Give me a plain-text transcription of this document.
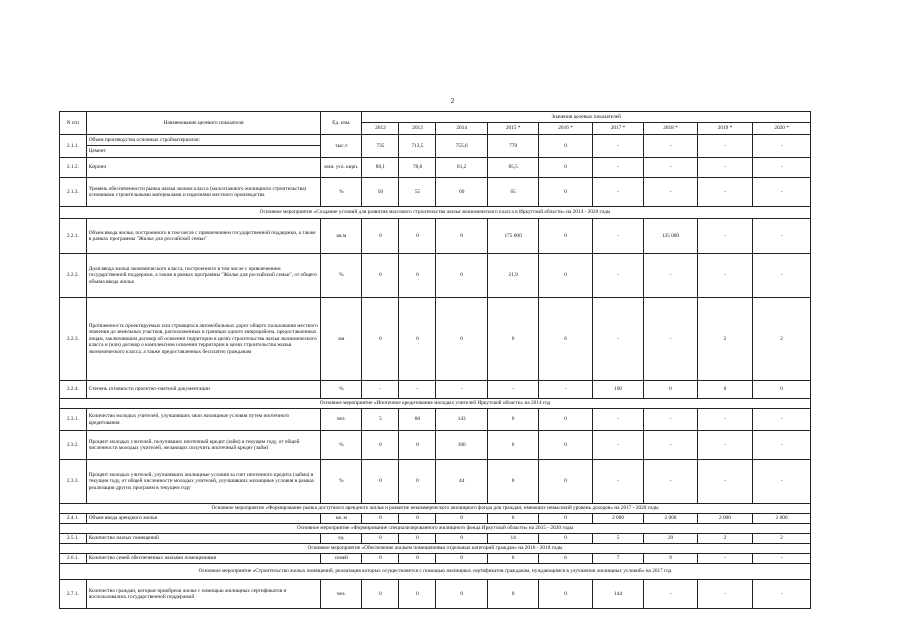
2
N п/п	Наименование целевого показателя	Ед. изм.	Значения целевых показателей								
			2012	2013	2014	2015 *	2016 *	2017 *	2018 *	2019 *	2020 *
2.1.1.	Объем производства основных стройматериалов:	тыс.т	735	713,5	755,6	770	0	-	-	-	-
	Цемент										
2.1.2.	Кирпич	млн. усл. кирп.	80,1	78,8	81,2	85,5	0	-	-	-	-
2.1.3.	Уровень обеспеченности рынка жилья эконом класса (малоэтажного жилищного строительства) основными строительными материалами и изделиями местного производства	%	50	55	60	65	0	-	-	-	-
Основное мероприятие «Создание условий для развития массового строительства жилья экономического класса в Иркутской области» на 2014 - 2020 годы											
2.2.1.	Объем ввода жилья, построенного в том числе с привлечением государственной поддержки, а также в рамках программы "Жилье для российской семьи"	кв.м	0	0	0	175 000	0	-	125 000	-	-
2.2.2.	Доля ввода жилья экономического класса, построенного в том числе с привлечением государственной поддержки, а также в рамках программы "Жилье для российской семьи", от общего объема ввода жилья	%	0	0	0	21,9	0	-	-	-	-
2.2.3.	Протяженность проектируемых или строящихся автомобильных дорог общего пользования местного значения до земельных участков, расположенных в границах одного микрорайона, предоставленных лицам, заключившим договор об освоении территории в целях строительства жилья экономического класса и (или) договор о комплексном освоении территории в целях строительства жилья экономического класса, а также предоставленных бесплатно гражданам	км	0	0	0	0	6	-	-	2	2
2.2.4.	Степень готовности проектно-сметной документации	%	-	-	-	-	-	100	0	0	0
Основное мероприятие «Ипотечное кредитование молодых учителей Иркутской области» на 2014 год											
2.3.1.	Количество молодых учителей, улучшивших свои жилищные условия путем ипотечного кредитования	чел.	5	80	143	0	0	-	-	-	-
2.3.2.	Процент молодых учителей, получивших ипотечный кредит (займ) в текущем году, от общей численности молодых учителей, желающих получить ипотечный кредит (займ)	%	0	0	100	0	0	-	-	-	-
2.3.3.	Процент молодых учителей, улучшивших жилищные условия за счет ипотечного кредита (займа) в текущем году, от общей численности молодых учителей, улучшивших жилищные условия в рамках реализации других программ в текущем году	%	0	0	44	0	0	-	-	-	-
Основное мероприятие «Формирование рынка доступного арендного жилья и развитие некоммерческого жилищного фонда для граждан, имеющих невысокий уровень доходов» на 2017 - 2020 годы											
2.4.1.	Объем ввода арендного жилья	кв. м	0	0	0	0	0	2 000	2 000	2 000	2 000
Основное мероприятие «Формирование специализированного жилищного фонда Иркутской области» на 2015 - 2020 годы											
2.5.1.	Количество жилых помещений	ед.	0	0	0	14	0	5	29	2	2
Основное мероприятие «Обеспечение жильем помещениями отдельных категорий граждан» на 2016 - 2018 годы											
2.6.1.	Количество семей обеспеченных жилыми помещениями	семей	0	0	0	0	6	7	9	-	-
Основное мероприятие «Строительство жилых помещений, реализация которых осуществляется с помощью жилищных сертификатов гражданам, нуждающимся в улучшении жилищных условий» на 2017 год											
2.7.1.	Количество граждан, которые приобрели жилье с помощью жилищных сертификатов и воспользовались государственной поддержкой	чел.	0	0	0	0	0	144	-	-	-
